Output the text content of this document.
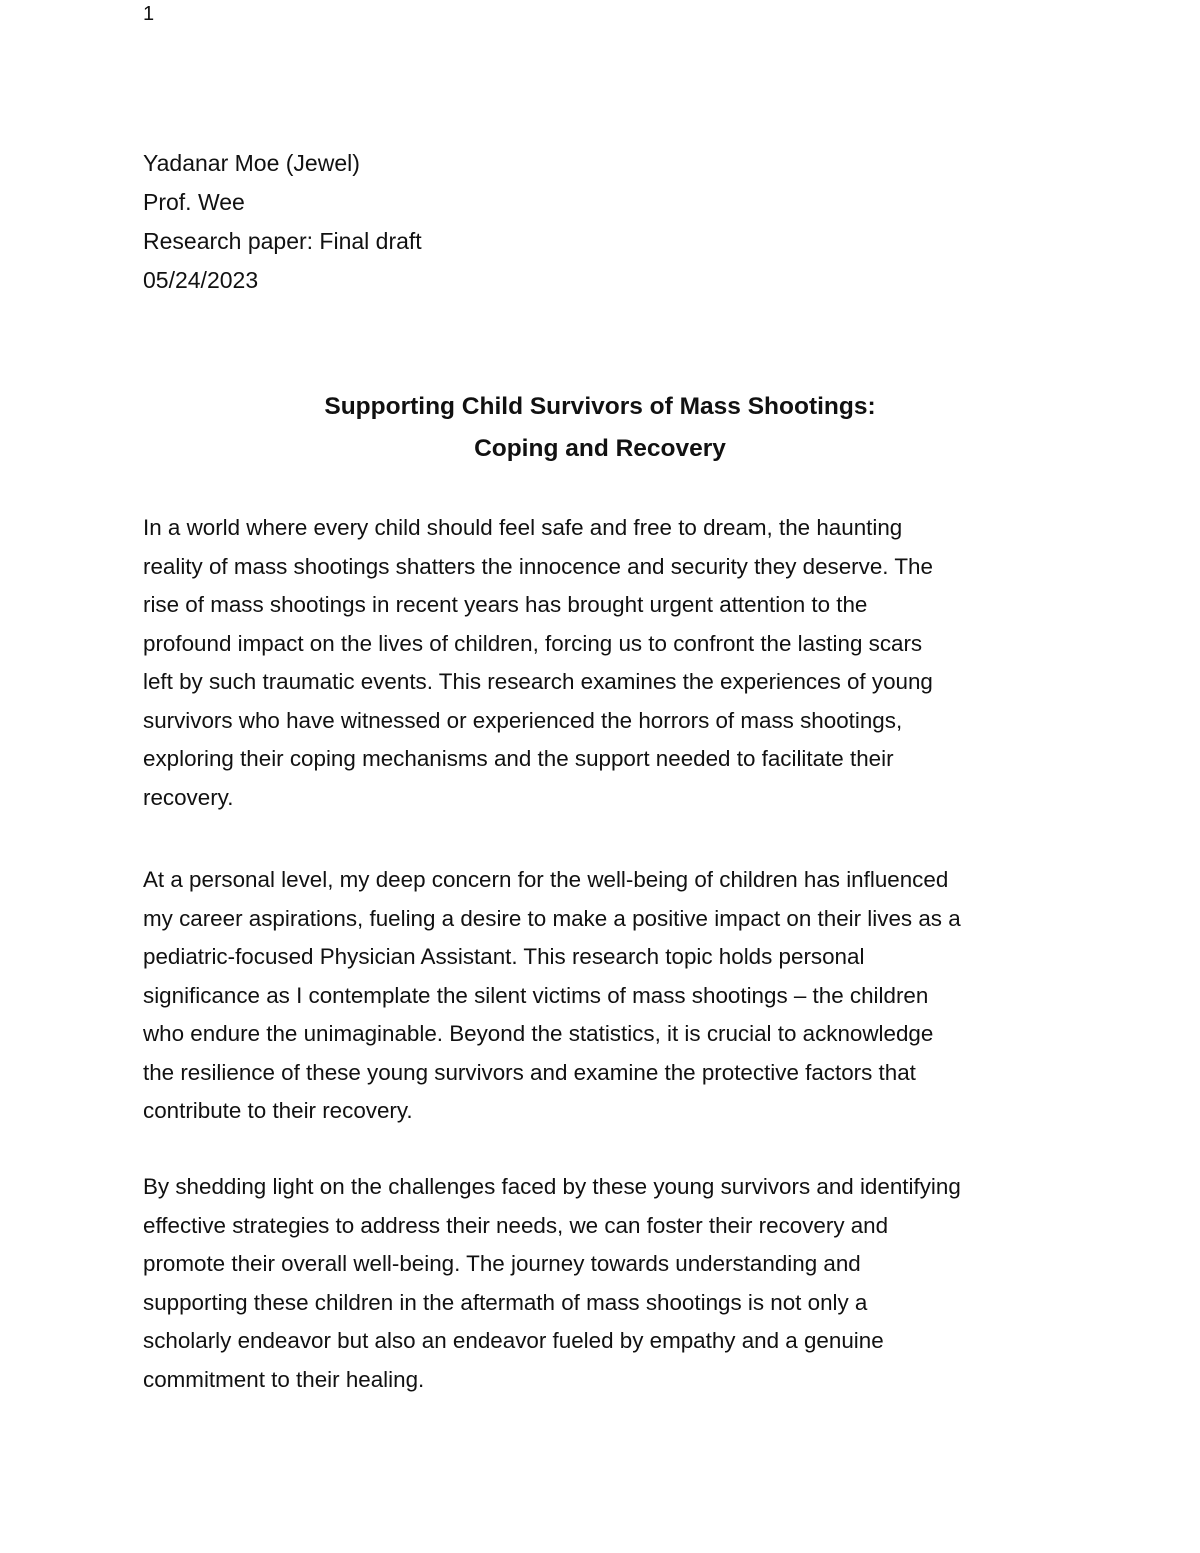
1
Yadanar Moe (Jewel)
Prof. Wee
Research paper: Final draft
05/24/2023
Supporting Child Survivors of Mass Shootings:
Coping and Recovery
In a world where every child should feel safe and free to dream, the haunting
reality of mass shootings shatters the innocence and security they deserve. The
rise of mass shootings in recent years has brought urgent attention to the
profound impact on the lives of children, forcing us to confront the lasting scars
left by such traumatic events. This research examines the experiences of young
survivors who have witnessed or experienced the horrors of mass shootings,
exploring their coping mechanisms and the support needed to facilitate their
recovery.
At a personal level, my deep concern for the well-being of children has influenced
my career aspirations, fueling a desire to make a positive impact on their lives as a
pediatric-focused Physician Assistant. This research topic holds personal
significance as I contemplate the silent victims of mass shootings – the children
who endure the unimaginable. Beyond the statistics, it is crucial to acknowledge
the resilience of these young survivors and examine the protective factors that
contribute to their recovery.
By shedding light on the challenges faced by these young survivors and identifying
effective strategies to address their needs, we can foster their recovery and
promote their overall well-being. The journey towards understanding and
supporting these children in the aftermath of mass shootings is not only a
scholarly endeavor but also an endeavor fueled by empathy and a genuine
commitment to their healing.
